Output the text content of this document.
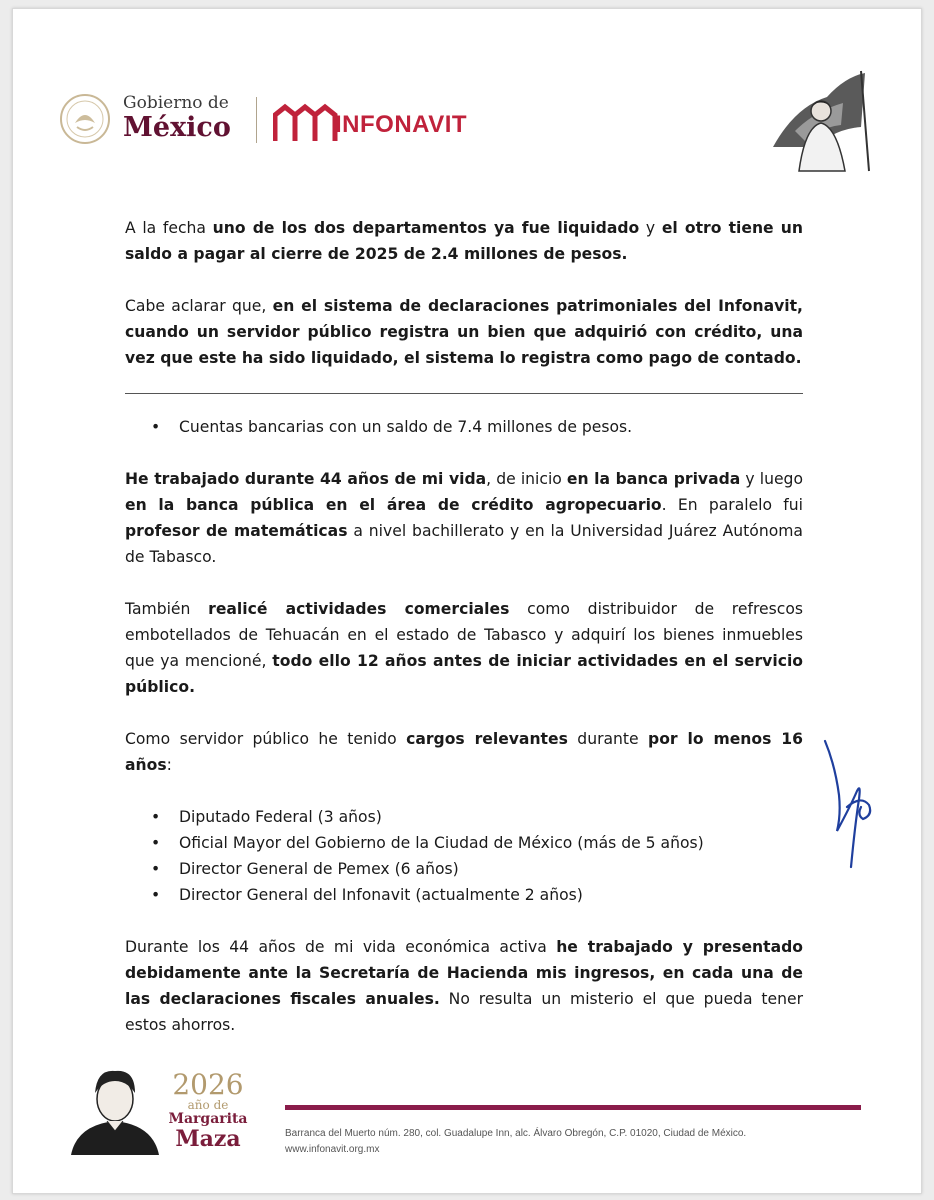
Gobierno de
México	INFONAVIT

A la fecha uno de los dos departamentos ya fue liquidado y el otro tiene un saldo a pagar al cierre de 2025 de 2.4 millones de pesos.

Cabe aclarar que, en el sistema de declaraciones patrimoniales del Infonavit, cuando un servidor público registra un bien que adquirió con crédito, una vez que este ha sido liquidado, el sistema lo registra como pago de contado.

• Cuentas bancarias con un saldo de 7.4 millones de pesos.

He trabajado durante 44 años de mi vida, de inicio en la banca privada y luego en la banca pública en el área de crédito agropecuario. En paralelo fui profesor de matemáticas a nivel bachillerato y en la Universidad Juárez Autónoma de Tabasco.

También realicé actividades comerciales como distribuidor de refrescos embotellados de Tehuacán en el estado de Tabasco y adquirí los bienes inmuebles que ya mencioné, todo ello 12 años antes de iniciar actividades en el servicio público.

Como servidor público he tenido cargos relevantes durante por lo menos 16 años:

• Diputado Federal (3 años)
• Oficial Mayor del Gobierno de la Ciudad de México (más de 5 años)
• Director General de Pemex (6 años)
• Director General del Infonavit (actualmente 2 años)

Durante los 44 años de mi vida económica activa he trabajado y presentado debidamente ante la Secretaría de Hacienda mis ingresos, en cada una de las declaraciones fiscales anuales. No resulta un misterio el que pueda tener estos ahorros.

2026
año de
Margarita
Maza	Barranca del Muerto núm. 280, col. Guadalupe Inn, alc. Álvaro Obregón, C.P. 01020, Ciudad de México.
www.infonavit.org.mx
